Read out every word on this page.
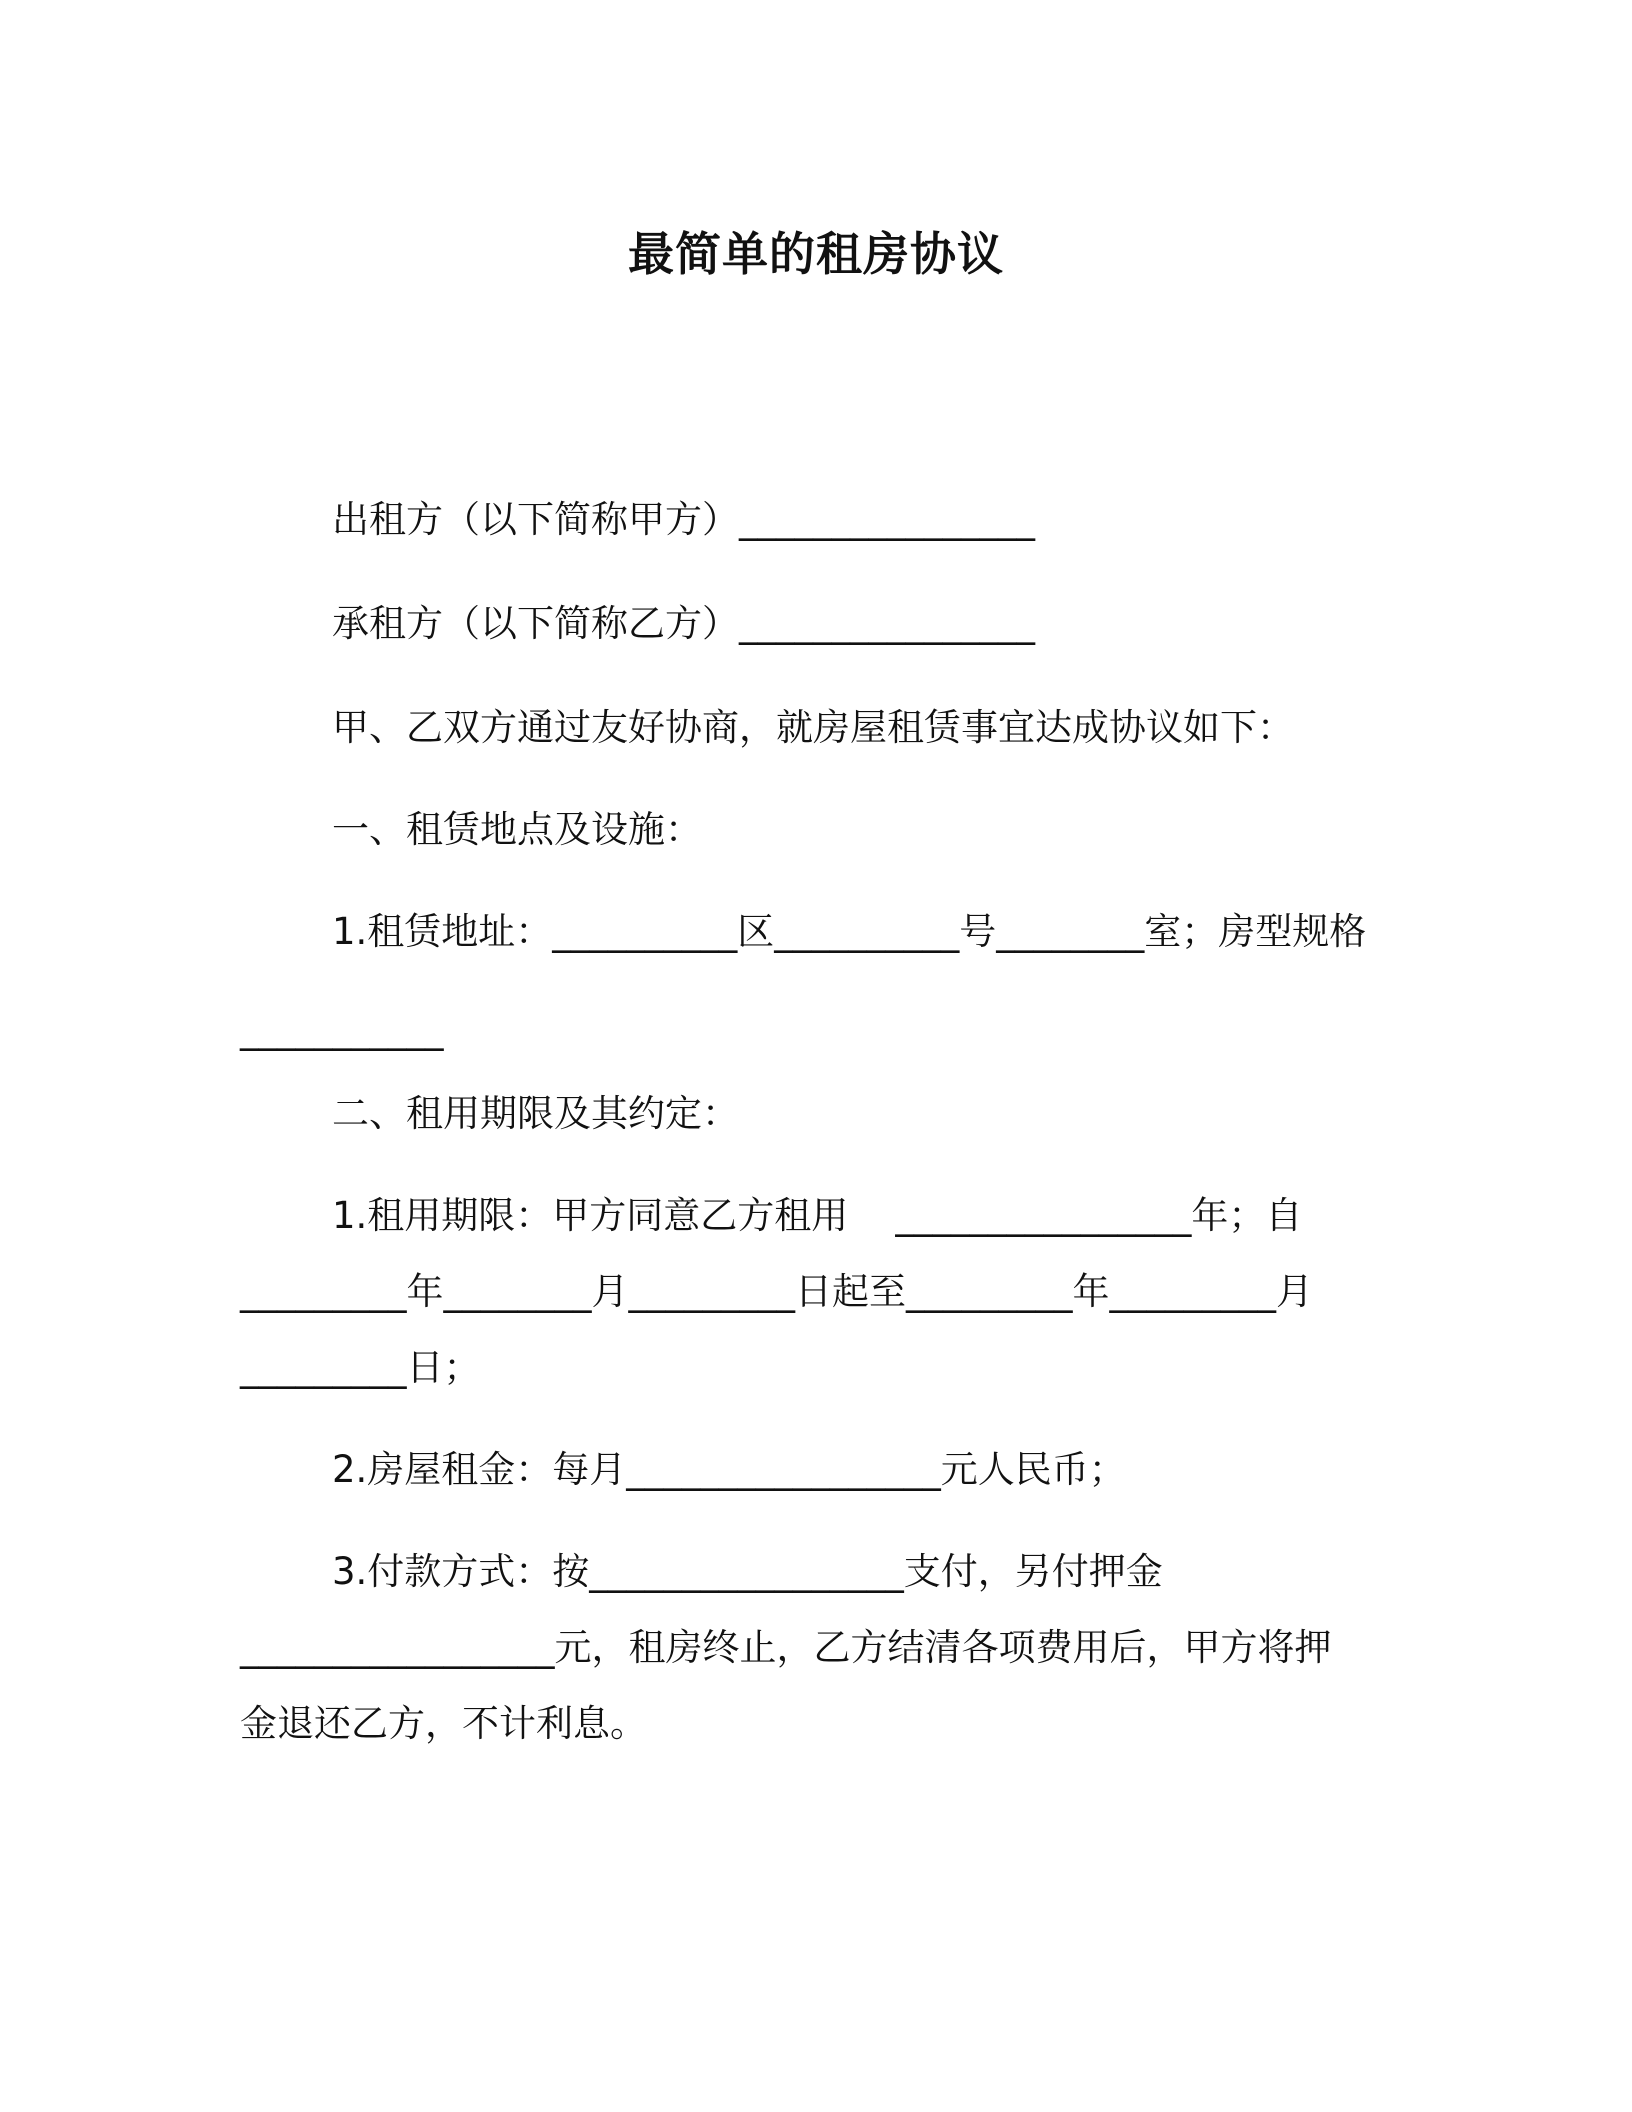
最简单的租房协议
出租方（以下简称甲方）________________
承租方（以下简称乙方）________________
甲、乙双方通过友好协商，就房屋租赁事宜达成协议如下：
一、租赁地点及设施：
1.租赁地址：__________区__________号________室；房型规格
___________
二、租用期限及其约定：
1.租用期限：甲方同意乙方租用    ________________年；自
_________年________月_________日起至_________年_________月
_________日；
2.房屋租金：每月_________________元人民币；
3.付款方式：按_________________支付，另付押金
_________________元，租房终止，乙方结清各项费用后，甲方将押
金退还乙方，不计利息。
